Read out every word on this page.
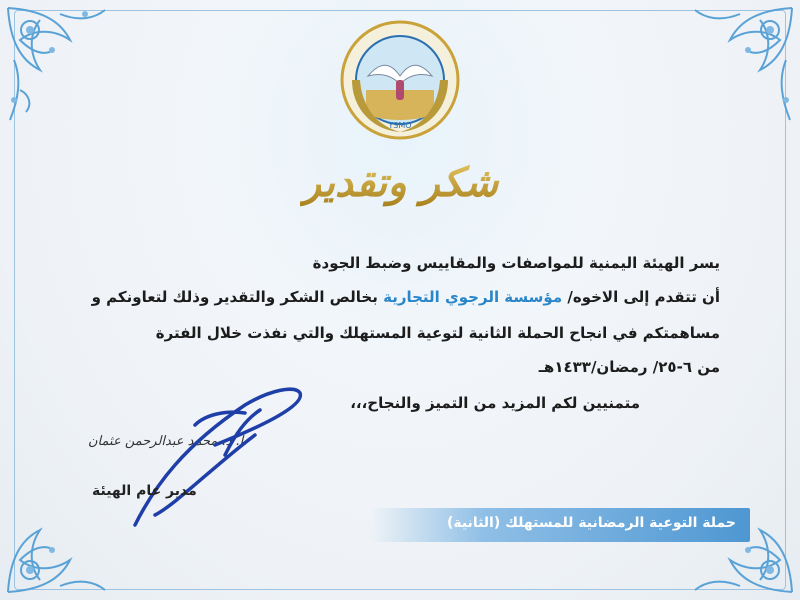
YSMO
شكر وتقدير
يسر الهيئة اليمنية للمواصفات والمقاييس وضبط الجودة
أن تتقدم إلى الاخوه/ مؤسسة الرجوي التجارية بخالص الشكر والتقدير وذلك لتعاونكم و
مساهمتكم في انجاح الحملة الثانية لتوعية المستهلك والتي نفذت خلال الفترة
من ٦-٢٥/ رمضان/١٤٣٣هـ
متمنيين لكم المزيد من التميز والنجاح،،،
أ. د. محمد عبدالرحمن عثمان
مدير عام الهيئة
حملة التوعية الرمضانية للمستهلك (الثانية)
